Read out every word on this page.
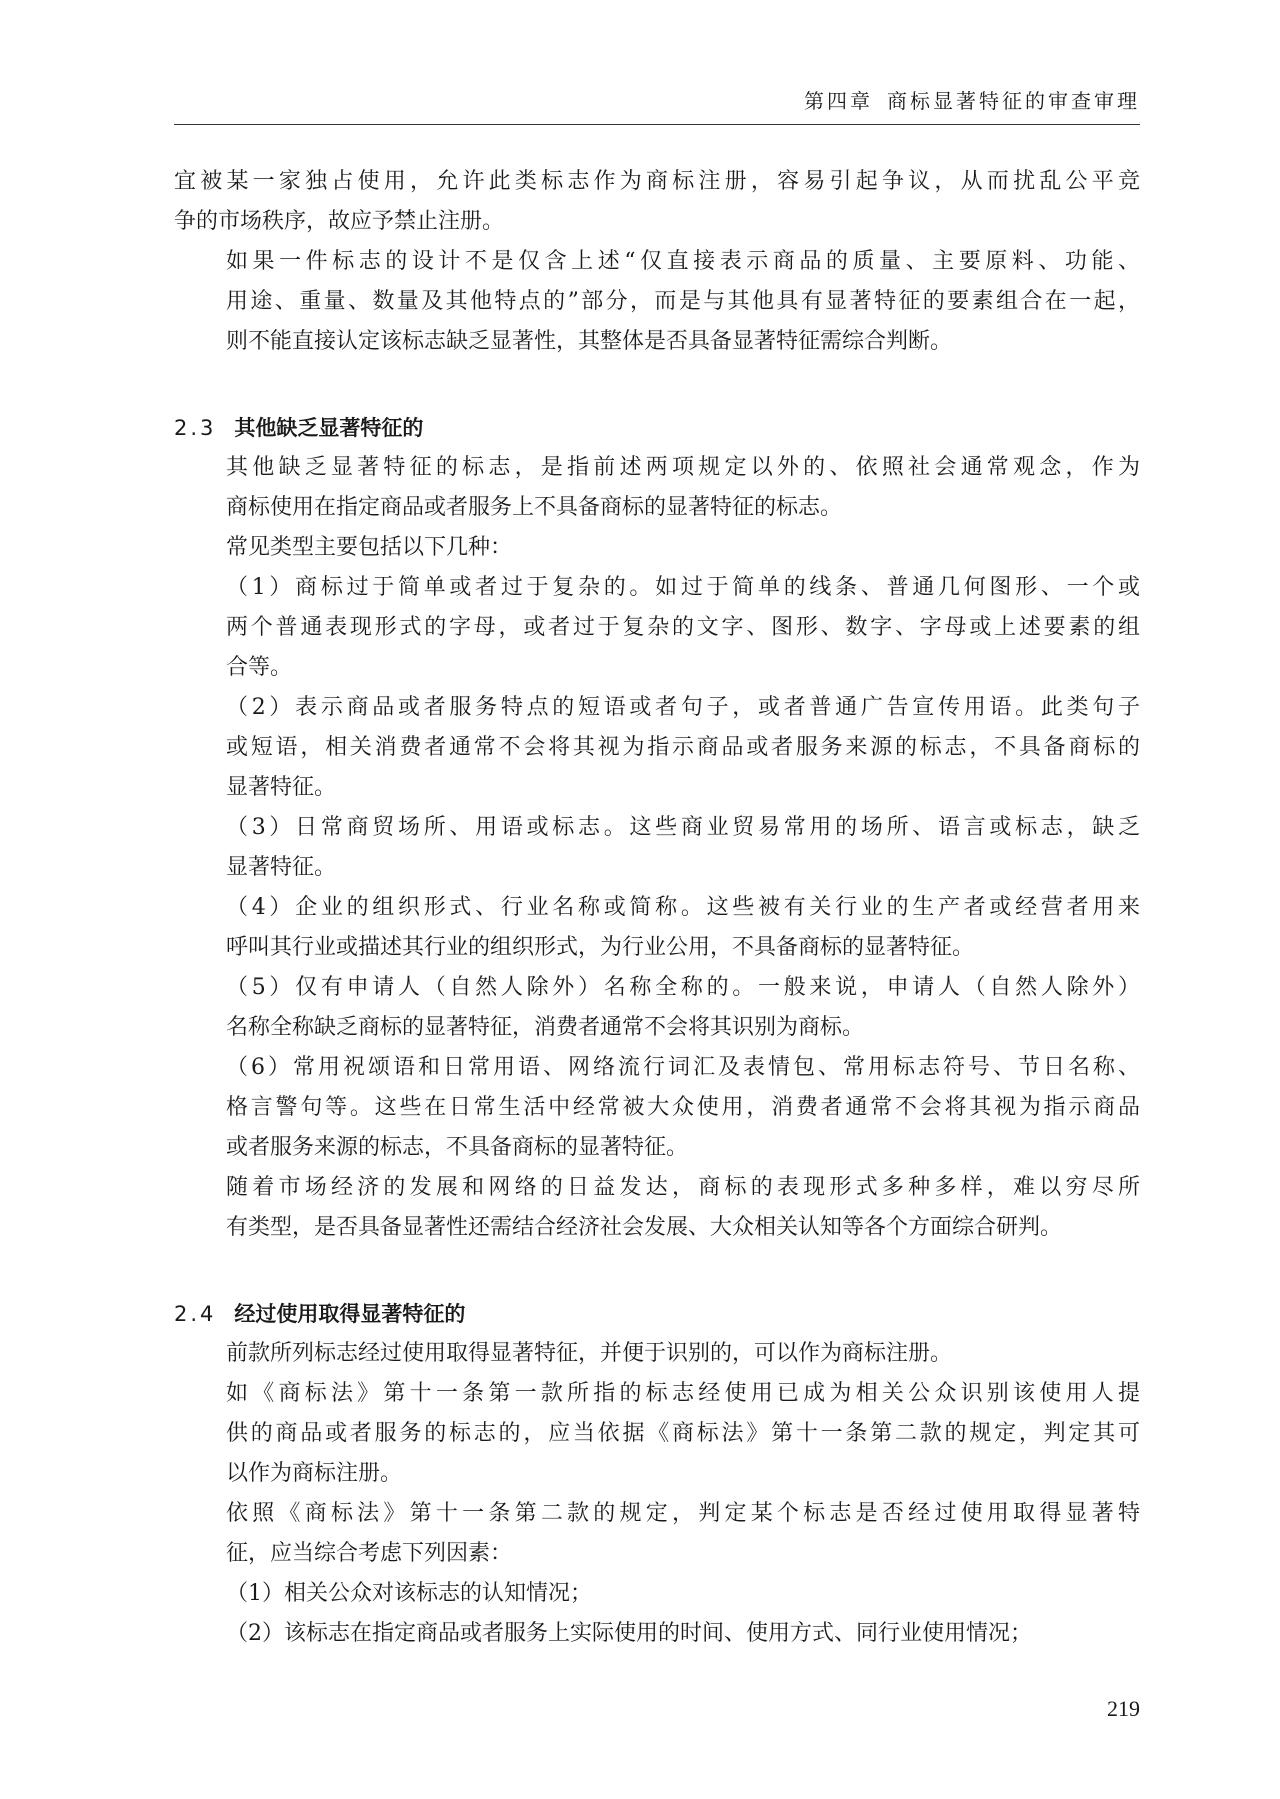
第四章 商标显著特征的审查审理
宜被某一家独占使用，允许此类标志作为商标注册，容易引起争议，从而扰乱公平竞
争的市场秩序，故应予禁止注册。
如果一件标志的设计不是仅含上述“仅直接表示商品的质量、主要原料、功能、
用途、重量、数量及其他特点的”部分，而是与其他具有显著特征的要素组合在一起，
则不能直接认定该标志缺乏显著性，其整体是否具备显著特征需综合判断。
2.3 其他缺乏显著特征的
其他缺乏显著特征的标志，是指前述两项规定以外的、依照社会通常观念，作为
商标使用在指定商品或者服务上不具备商标的显著特征的标志。
常见类型主要包括以下几种：
（1）商标过于简单或者过于复杂的。如过于简单的线条、普通几何图形、一个或
两个普通表现形式的字母，或者过于复杂的文字、图形、数字、字母或上述要素的组
合等。
（2）表示商品或者服务特点的短语或者句子，或者普通广告宣传用语。此类句子
或短语，相关消费者通常不会将其视为指示商品或者服务来源的标志，不具备商标的
显著特征。
（3）日常商贸场所、用语或标志。这些商业贸易常用的场所、语言或标志，缺乏
显著特征。
（4）企业的组织形式、行业名称或简称。这些被有关行业的生产者或经营者用来
呼叫其行业或描述其行业的组织形式，为行业公用，不具备商标的显著特征。
（5）仅有申请人（自然人除外）名称全称的。一般来说，申请人（自然人除外）
名称全称缺乏商标的显著特征，消费者通常不会将其识别为商标。
（6）常用祝颂语和日常用语、网络流行词汇及表情包、常用标志符号、节日名称、
格言警句等。这些在日常生活中经常被大众使用，消费者通常不会将其视为指示商品
或者服务来源的标志，不具备商标的显著特征。
随着市场经济的发展和网络的日益发达，商标的表现形式多种多样，难以穷尽所
有类型，是否具备显著性还需结合经济社会发展、大众相关认知等各个方面综合研判。
2.4 经过使用取得显著特征的
前款所列标志经过使用取得显著特征，并便于识别的，可以作为商标注册。
如《商标法》第十一条第一款所指的标志经使用已成为相关公众识别该使用人提
供的商品或者服务的标志的，应当依据《商标法》第十一条第二款的规定，判定其可
以作为商标注册。
依照《商标法》第十一条第二款的规定，判定某个标志是否经过使用取得显著特
征，应当综合考虑下列因素：
（1）相关公众对该标志的认知情况；
（2）该标志在指定商品或者服务上实际使用的时间、使用方式、同行业使用情况；
219
